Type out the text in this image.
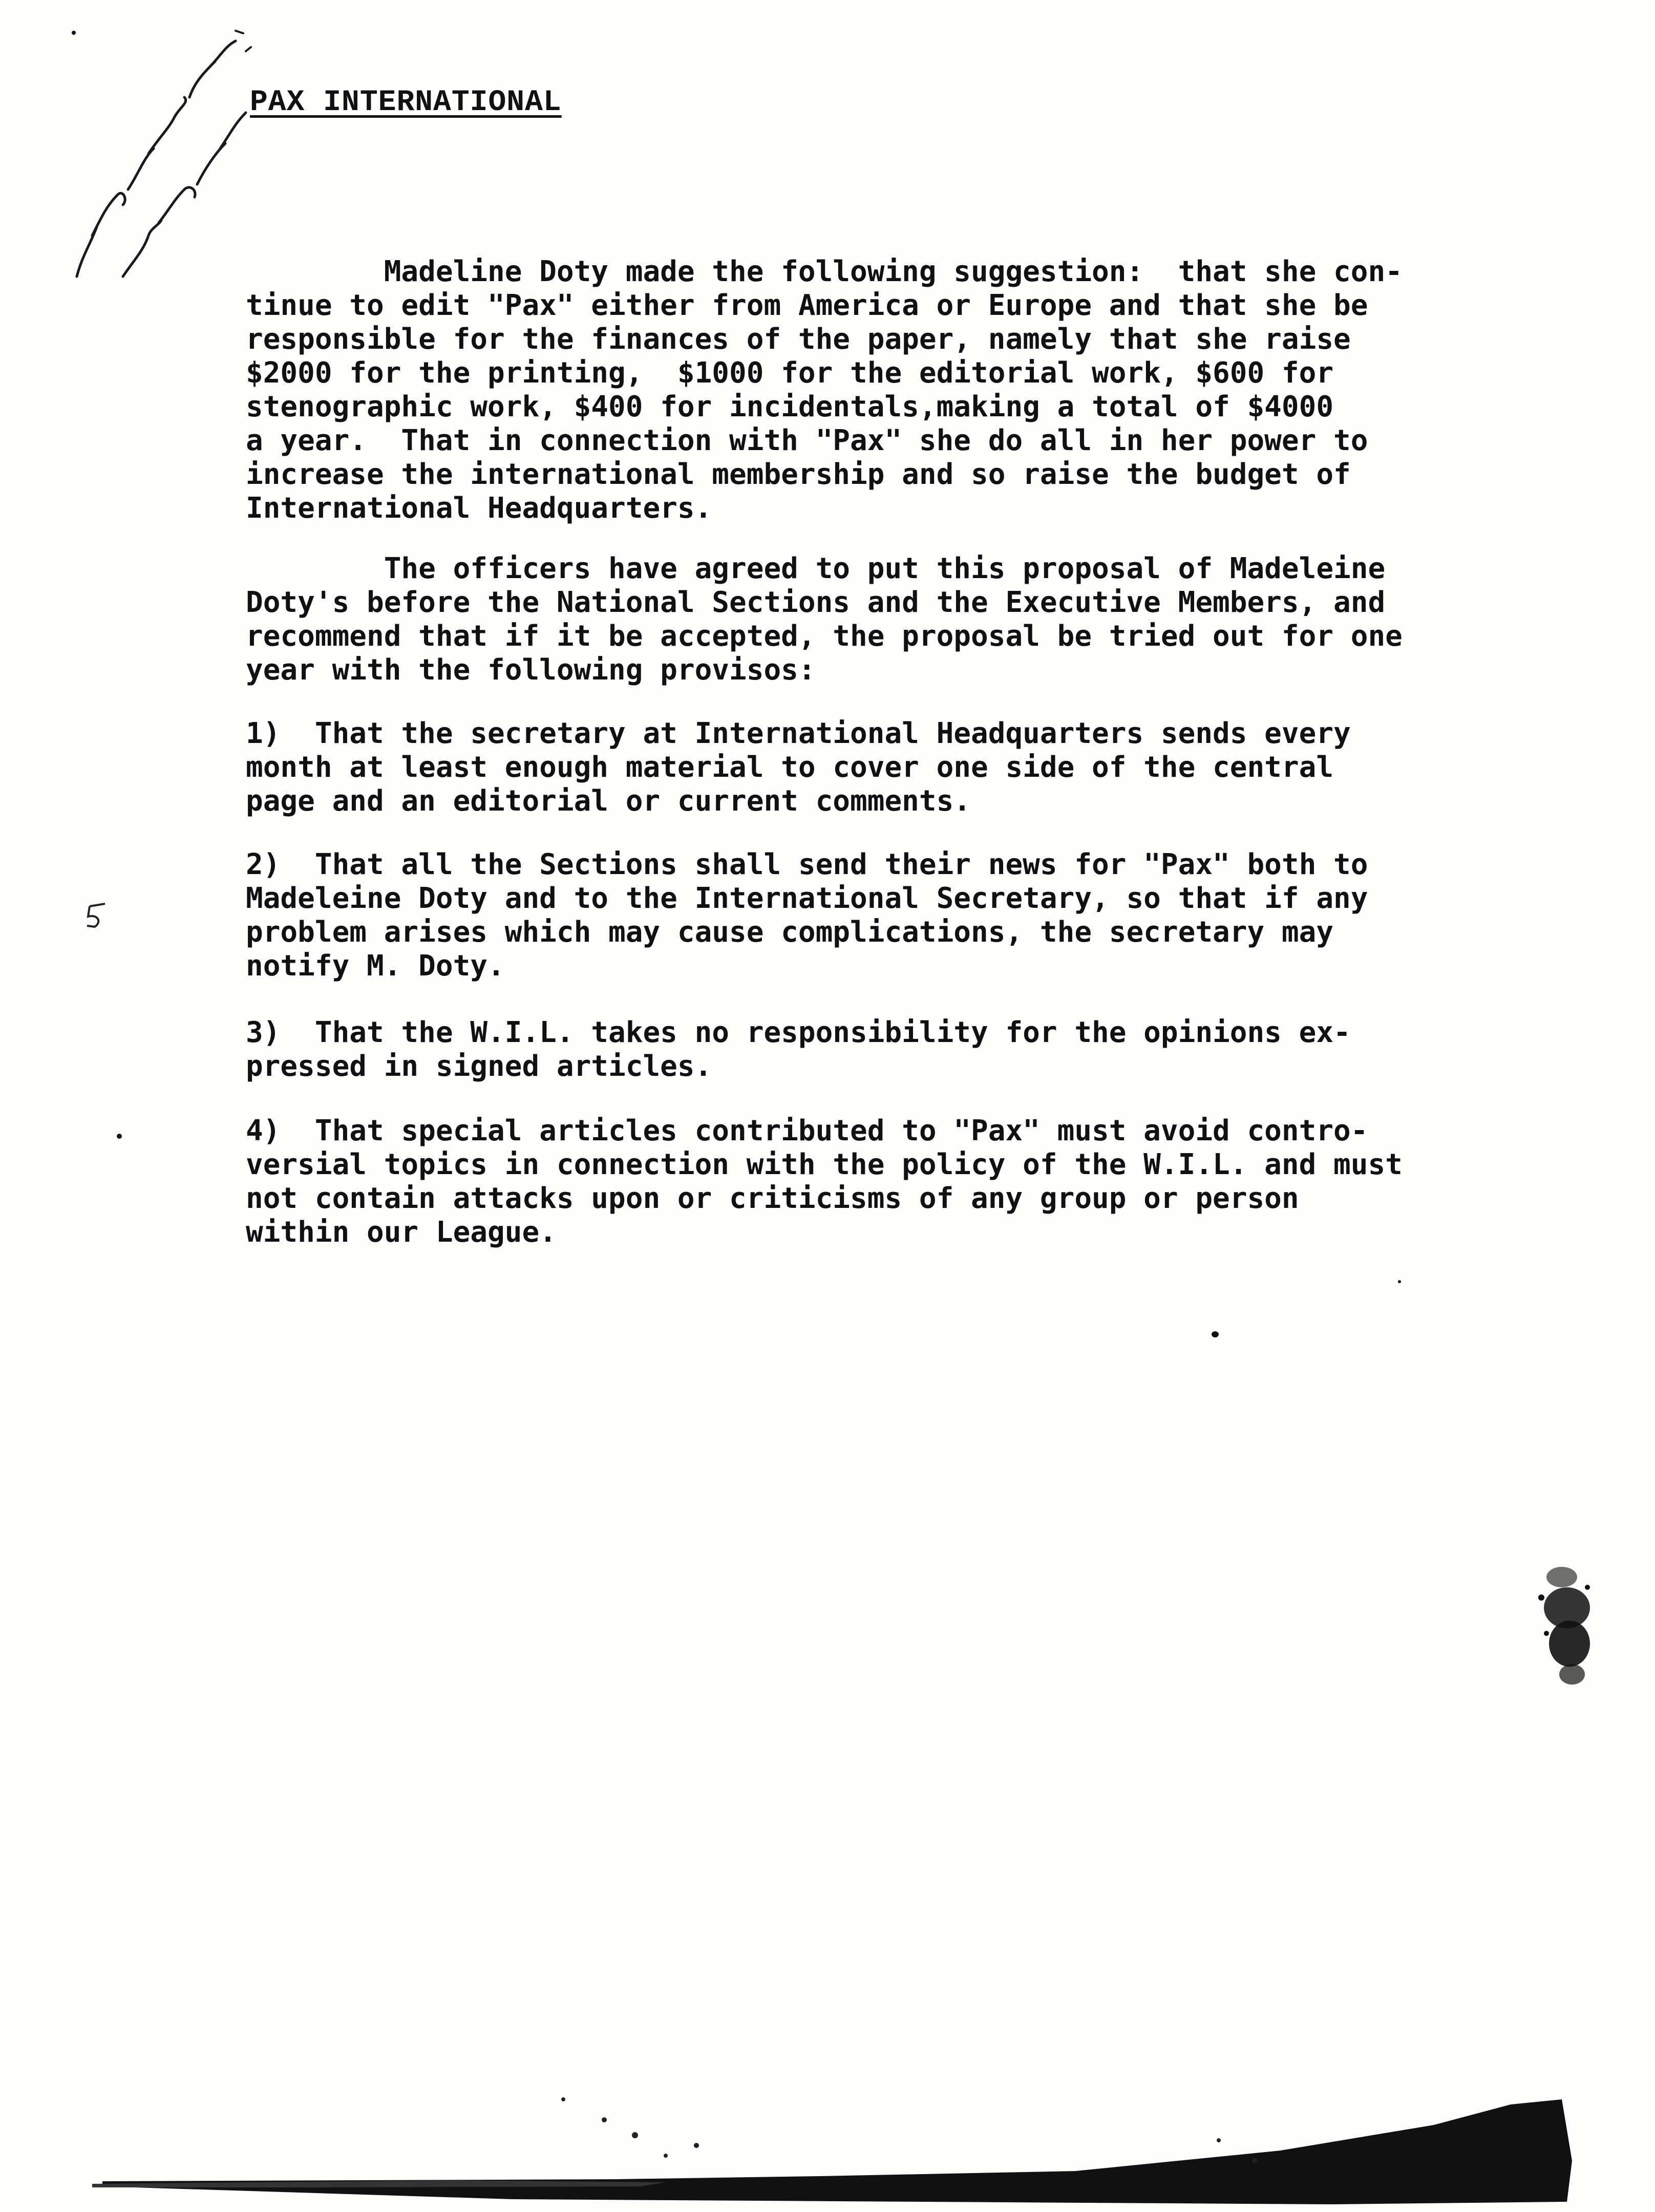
PAX INTERNATIONAL
Madeline Doty made the following suggestion:  that she con-
tinue to edit "Pax" either from America or Europe and that she be
responsible for the finances of the paper, namely that she raise
$2000 for the printing,  $1000 for the editorial work, $600 for
stenographic work, $400 for incidentals,making a total of $4000
a year.  That in connection with "Pax" she do all in her power to
increase the international membership and so raise the budget of
International Headquarters.
The officers have agreed to put this proposal of Madeleine
Doty's before the National Sections and the Executive Members, and
recommend that if it be accepted, the proposal be tried out for one
year with the following provisos:
1)  That the secretary at International Headquarters sends every
month at least enough material to cover one side of the central
page and an editorial or current comments.
2)  That all the Sections shall send their news for "Pax" both to
Madeleine Doty and to the International Secretary, so that if any
problem arises which may cause complications, the secretary may
notify M. Doty.
3)  That the W.I.L. takes no responsibility for the opinions ex-
pressed in signed articles.
4)  That special articles contributed to "Pax" must avoid contro-
versial topics in connection with the policy of the W.I.L. and must
not contain attacks upon or criticisms of any group or person
within our League.
